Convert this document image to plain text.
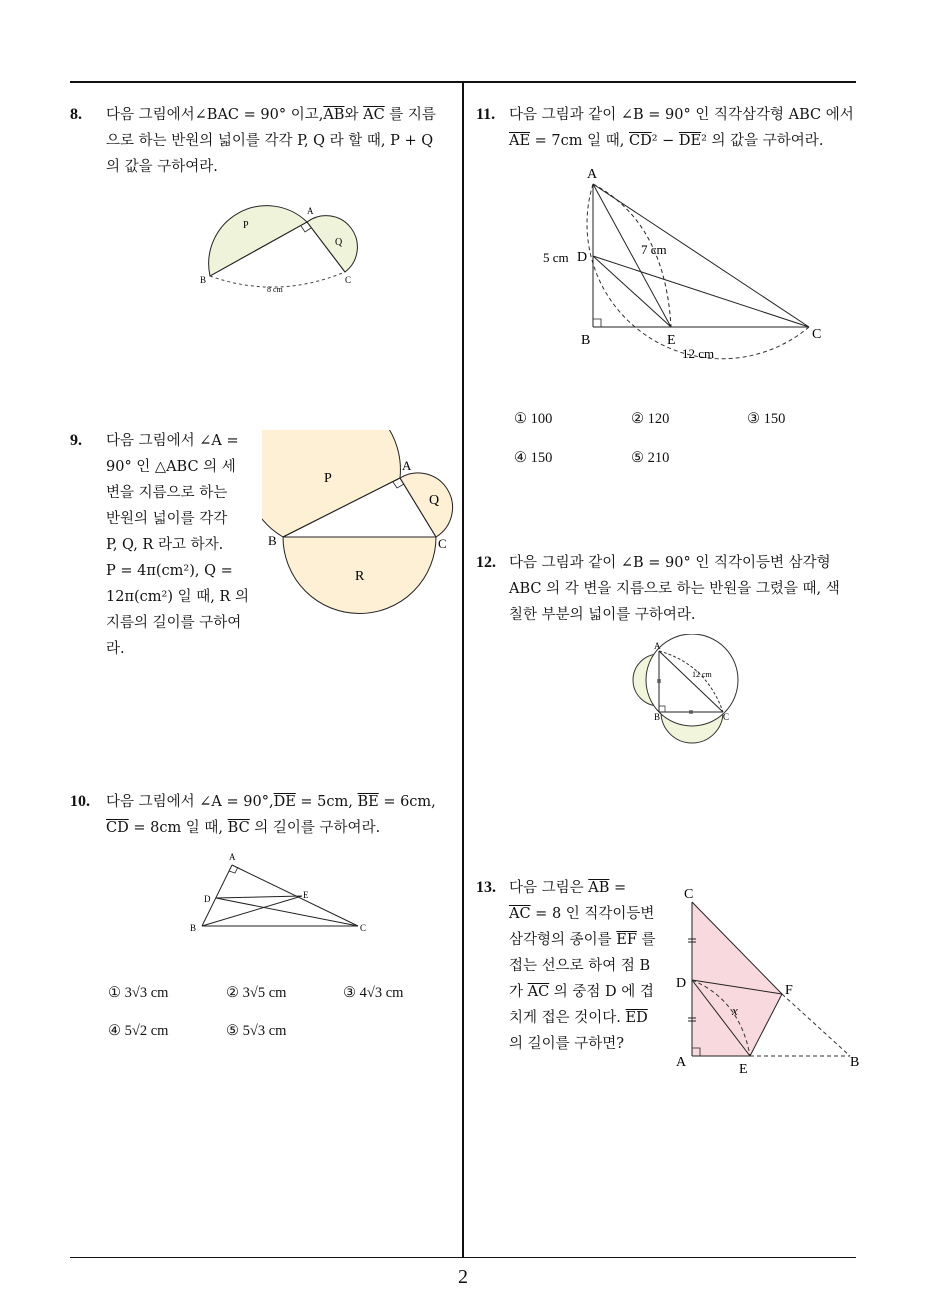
8. 다음 그림에서∠BAC = 90° 이고$,\overline{AB}$와 $\overline{AC}$ 를 지름
으로 하는 반원의 넓이를 각각 P, Q 라 할 때, P + Q
의 값을 구하여라.
P
Q
A
B	C
8 cm
9. 다음 그림에서 ∠A =
90° 인 △ABC 의 세
변을 지름으로 하는
반원의 넓이를 각각
P, Q, R 라고 하자.
P = 4π(cm²), Q =
12π(cm²) 일 때, R 의
지름의 길이를 구하여
라.
P
Q
R
A
B	C
10. 다음 그림에서 ∠A = $90^\circ,\overline{DE} = 5cm$, $\overline{BE} = 6cm$,
$\overline{CD} = 8cm$ 일 때, $\overline{BC}$ 의 길이를 구하여라.
A
B	C
D	E
① 3√3 cm	② 3√5 cm	③ 4√3 cm
④ 5√2 cm	⑤ 5√3 cm
11. 다음 그림과 같이 ∠B = 90° 인 직각삼각형 ABC 에서
$\overline{AE} = 7cm$ 일 때, $\overline{CD}^2 - \overline{DE}^2$ 의 값을 구하여라.
A
B	C
D
E
5 cm
7 cm
12 cm
① 100	② 120	③ 150
④ 150	⑤ 210
12. 다음 그림과 같이 ∠B = 90° 인 직각이등변 삼각형
ABC 의 각 변을 지름으로 하는 반원을 그렸을 때, 색
칠한 부분의 넓이를 구하여라.
A
B	C
12 cm
13. 다음 그림은 $\overline{AB}$ =
$\overline{AC} = 8$ 인 직각이등변
삼각형의 종이를 $\overline{EF}$ 를
접는 선으로 하여 점 B
가 $\overline{AC}$ 의 중점 D 에 겹
치게 접은 것이다. $\overline{ED}$
의 길이를 구하면?
C
D
A	E
F
B
x
2
